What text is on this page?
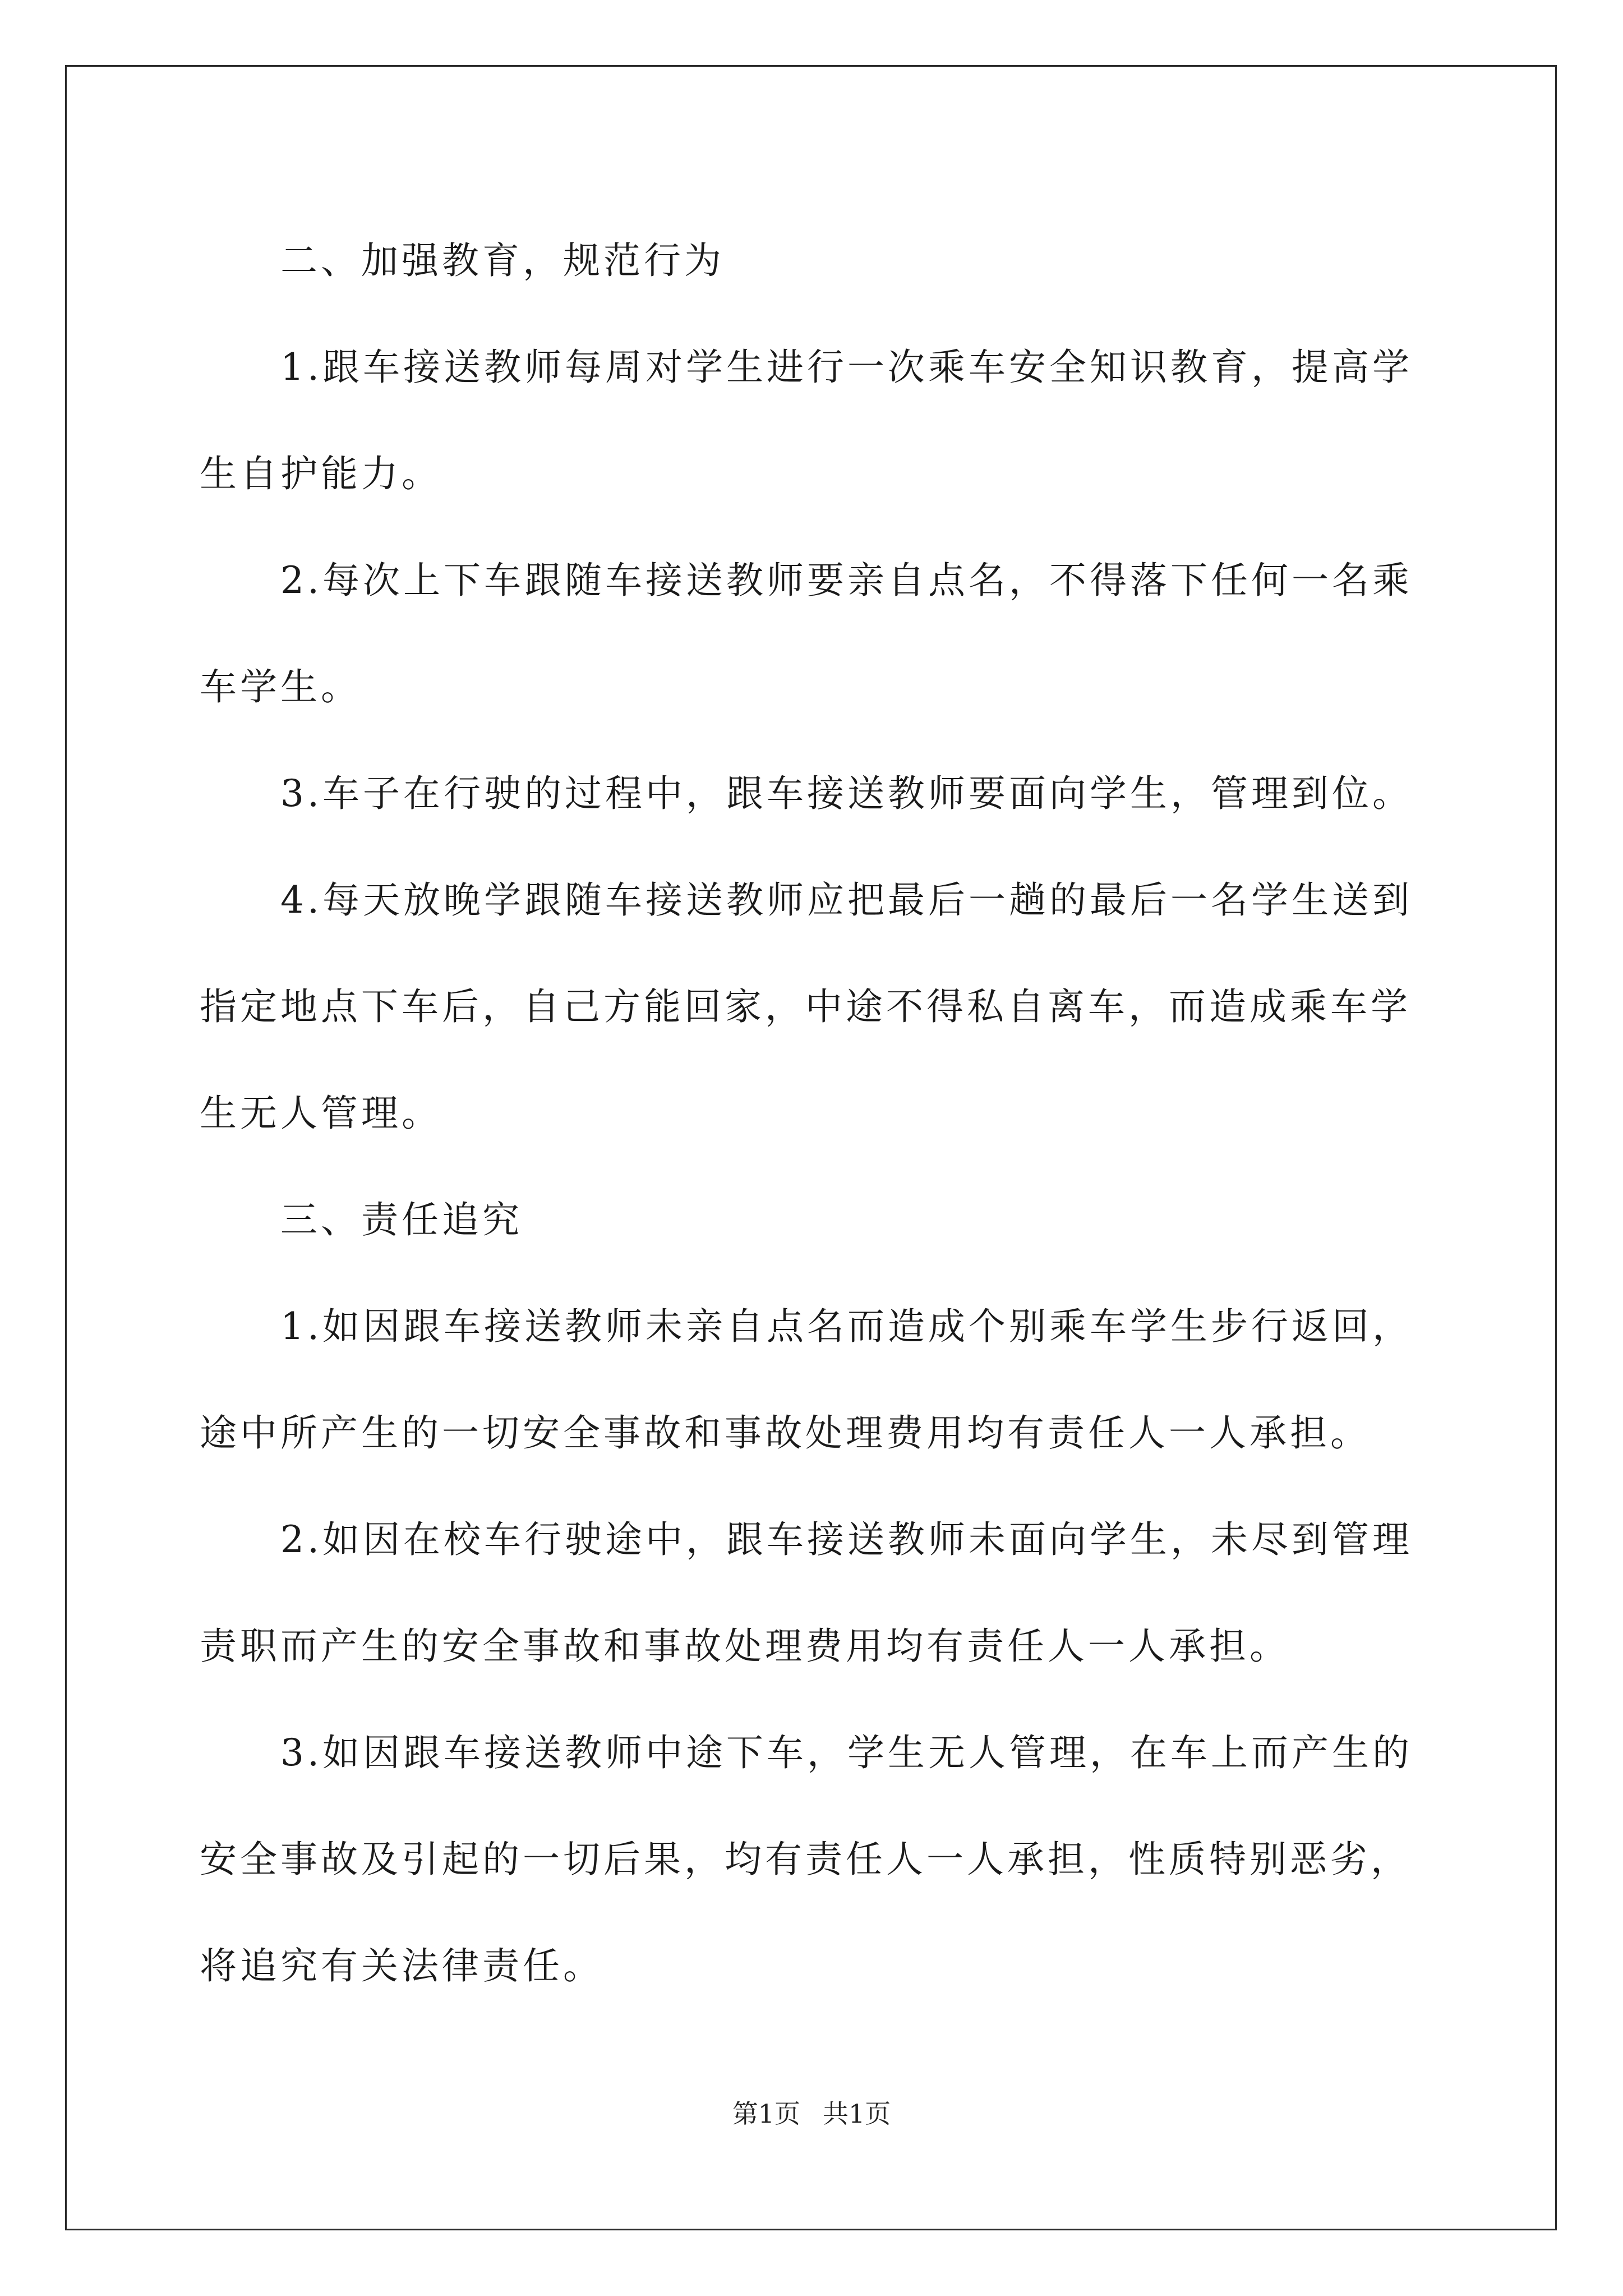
二、加强教育，规范行为

1.跟车接送教师每周对学生进行一次乘车安全知识教育，提高学生自护能力。

2.每次上下车跟随车接送教师要亲自点名，不得落下任何一名乘车学生。

3.车子在行驶的过程中，跟车接送教师要面向学生，管理到位。

4.每天放晚学跟随车接送教师应把最后一趟的最后一名学生送到指定地点下车后，自己方能回家，中途不得私自离车，而造成乘车学生无人管理。

三、责任追究

1.如因跟车接送教师未亲自点名而造成个别乘车学生步行返回，途中所产生的一切安全事故和事故处理费用均有责任人一人承担。

2.如因在校车行驶途中，跟车接送教师未面向学生，未尽到管理责职而产生的安全事故和事故处理费用均有责任人一人承担。

3.如因跟车接送教师中途下车，学生无人管理，在车上而产生的安全事故及引起的一切后果，均有责任人一人承担，性质特别恶劣，将追究有关法律责任。

第1页 共1页
